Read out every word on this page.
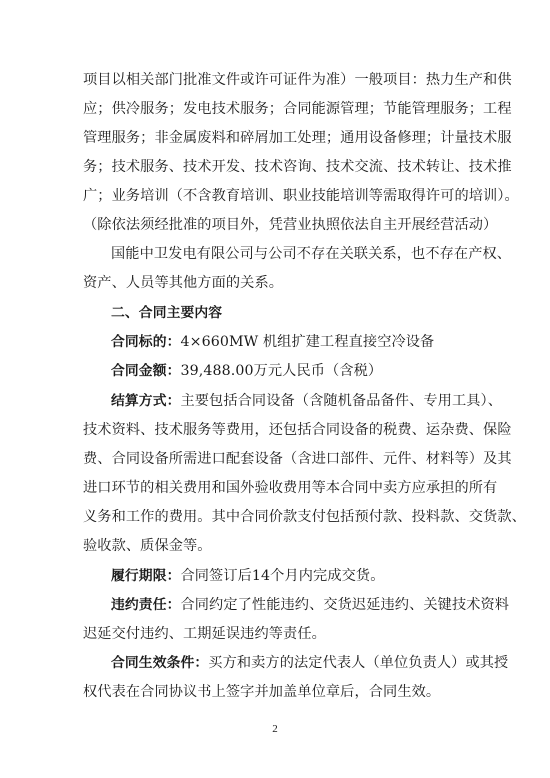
项目以相关部门批准文件或许可证件为准）一般项目：热力生产和供
应；供冷服务；发电技术服务；合同能源管理；节能管理服务；工程
管理服务；非金属废料和碎屑加工处理；通用设备修理；计量技术服
务；技术服务、技术开发、技术咨询、技术交流、技术转让、技术推
广；业务培训（不含教育培训、职业技能培训等需取得许可的培训）。
（除依法须经批准的项目外，凭营业执照依法自主开展经营活动）
国能中卫发电有限公司与公司不存在关联关系，也不存在产权、
资产、人员等其他方面的关系。
二、合同主要内容
合同标的：4×660MW 机组扩建工程直接空冷设备
合同金额：39,488.00万元人民币（含税）
结算方式：主要包括合同设备（含随机备品备件、专用工具）、
技术资料、技术服务等费用，还包括合同设备的税费、运杂费、保险
费、合同设备所需进口配套设备（含进口部件、元件、材料等）及其
进口环节的相关费用和国外验收费用等本合同中卖方应承担的所有
义务和工作的费用。其中合同价款支付包括预付款、投料款、交货款、
验收款、质保金等。
履行期限：合同签订后14个月内完成交货。
违约责任：合同约定了性能违约、交货迟延违约、关键技术资料
迟延交付违约、工期延误违约等责任。
合同生效条件：买方和卖方的法定代表人（单位负责人）或其授
权代表在合同协议书上签字并加盖单位章后，合同生效。
2
